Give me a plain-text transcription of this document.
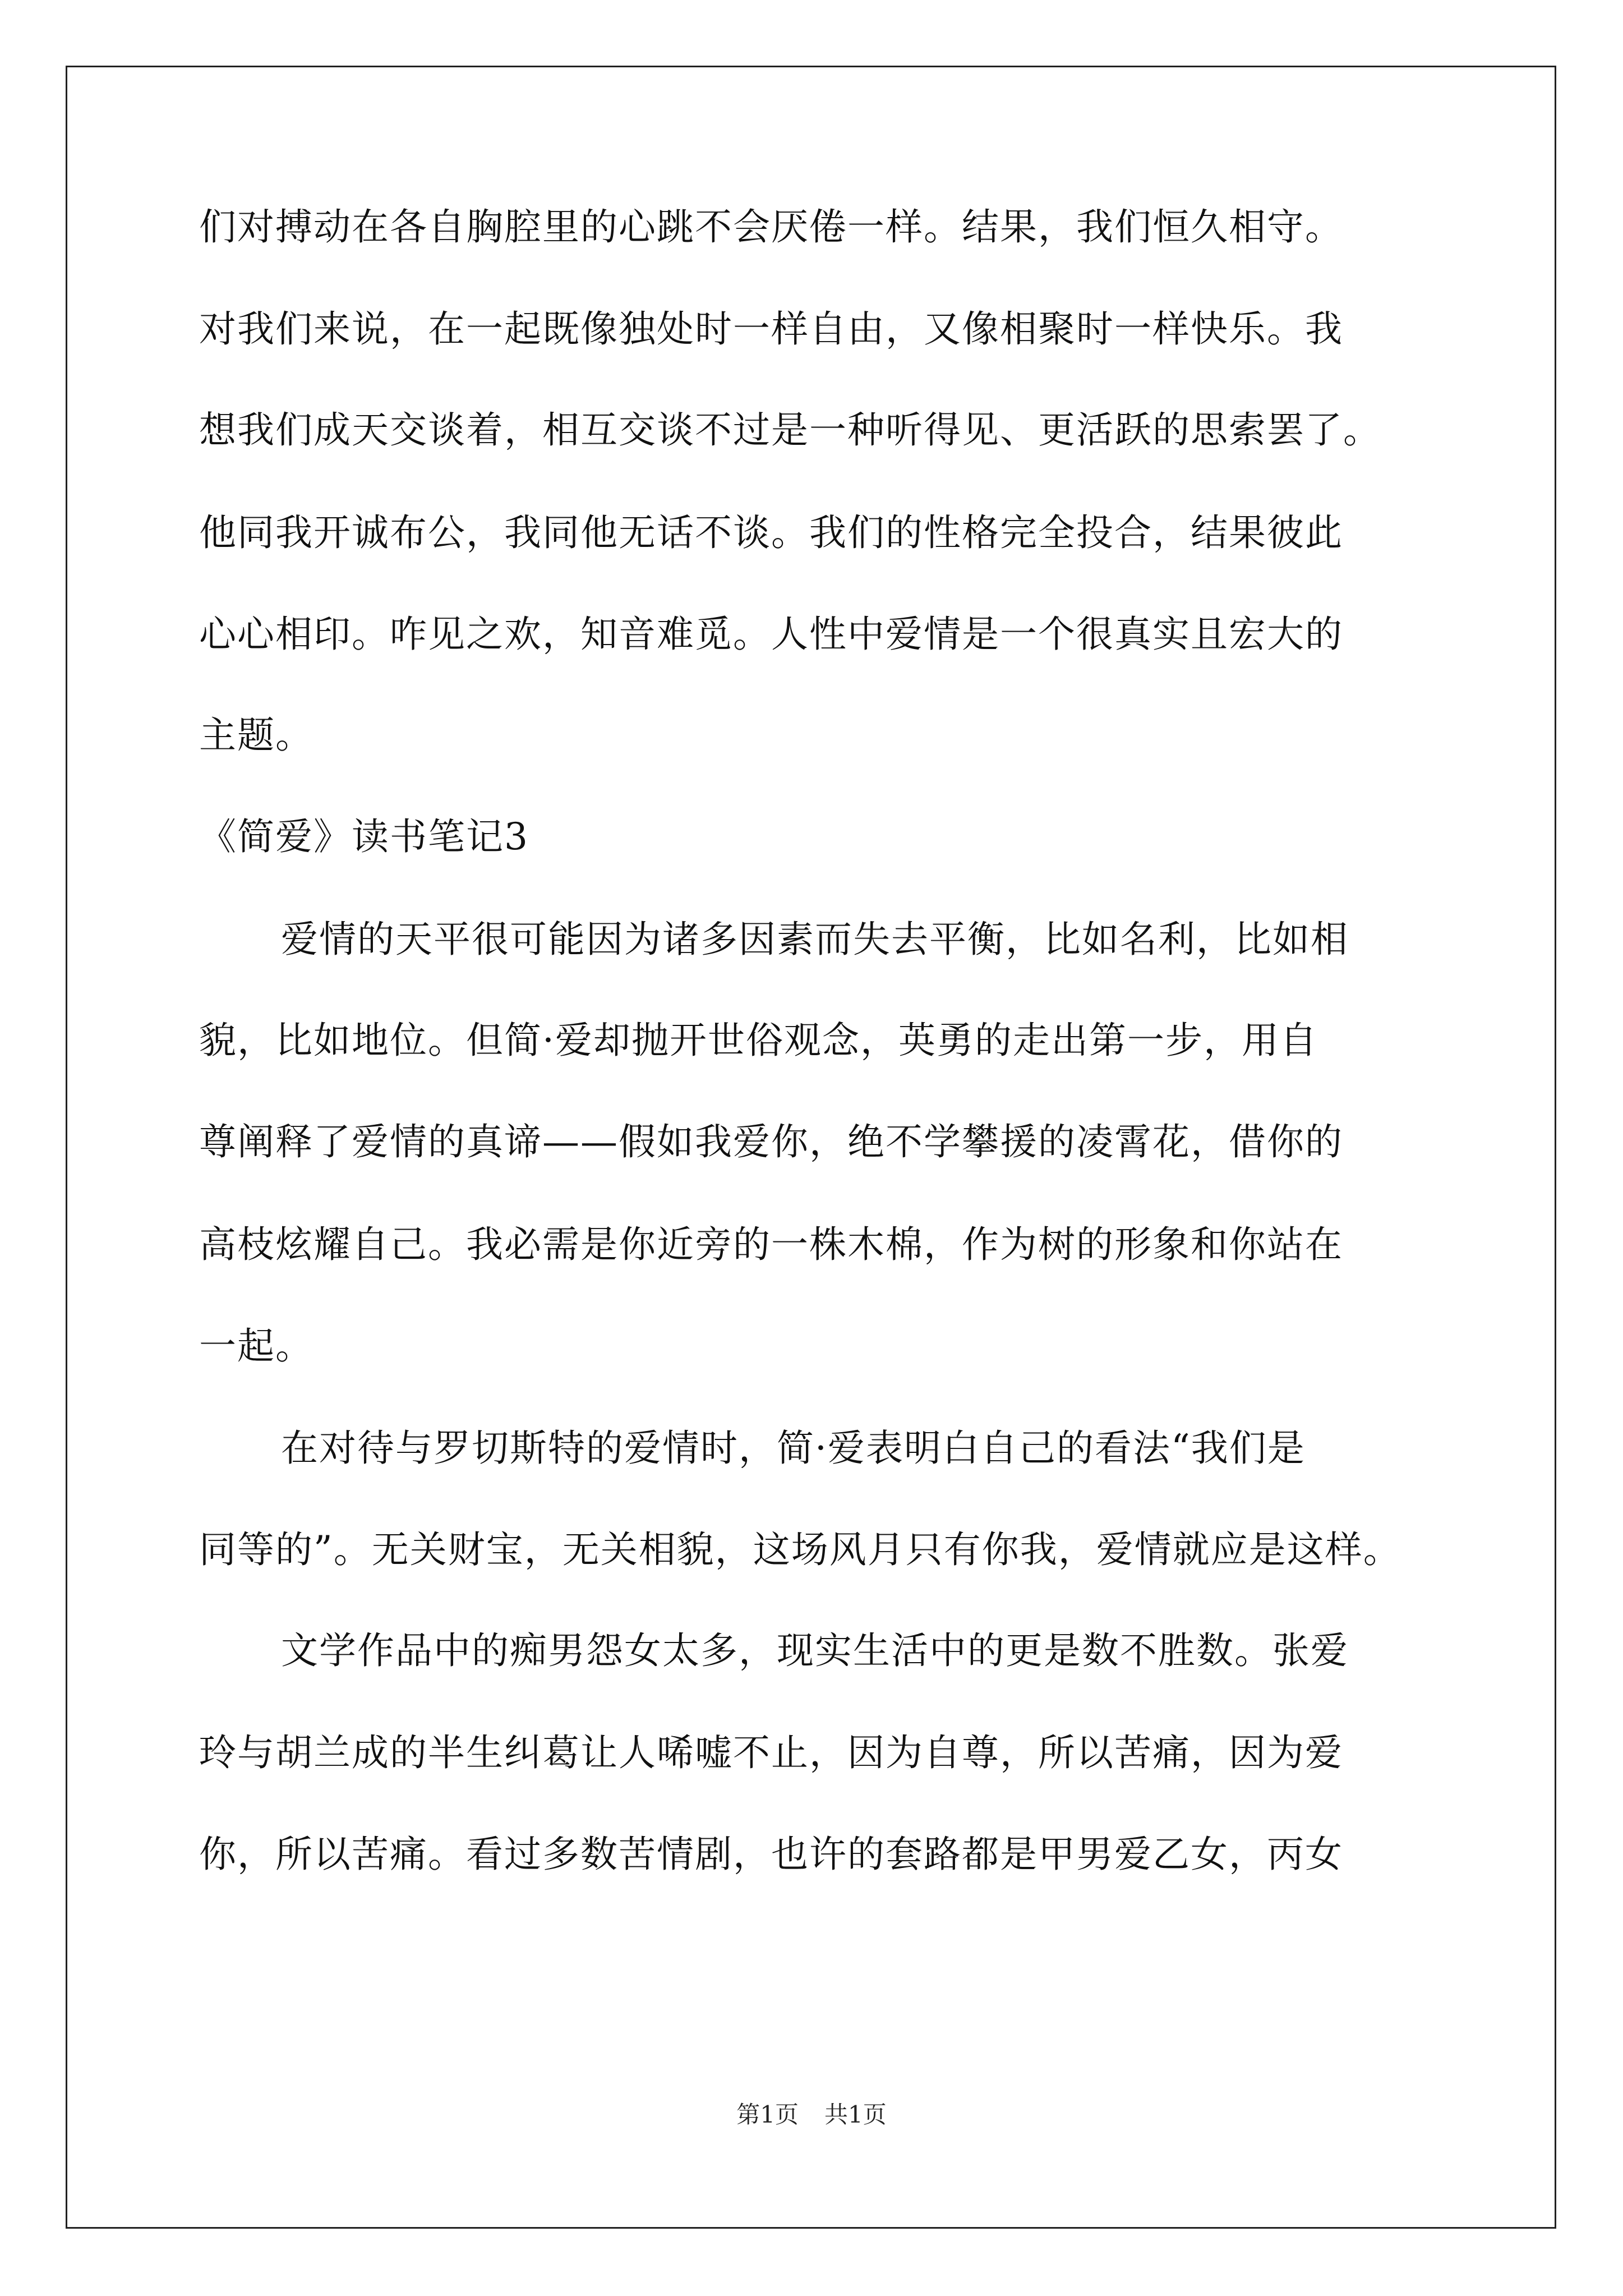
们对搏动在各自胸腔里的心跳不会厌倦一样。结果，我们恒久相守。
对我们来说，在一起既像独处时一样自由，又像相聚时一样快乐。我
想我们成天交谈着，相互交谈不过是一种听得见、更活跃的思索罢了。
他同我开诚布公，我同他无话不谈。我们的性格完全投合，结果彼此
心心相印。咋见之欢，知音难觅。人性中爱情是一个很真实且宏大的
主题。
《简爱》读书笔记3
爱情的天平很可能因为诸多因素而失去平衡，比如名利，比如相
貌，比如地位。但简·爱却抛开世俗观念，英勇的走出第一步，用自
尊阐释了爱情的真谛——假如我爱你，绝不学攀援的凌霄花，借你的
高枝炫耀自己。我必需是你近旁的一株木棉，作为树的形象和你站在
一起。
在对待与罗切斯特的爱情时，简·爱表明白自己的看法“我们是
同等的”。无关财宝，无关相貌，这场风月只有你我，爱情就应是这样。
文学作品中的痴男怨女太多，现实生活中的更是数不胜数。张爱
玲与胡兰成的半生纠葛让人唏嘘不止，因为自尊，所以苦痛，因为爱
你，所以苦痛。看过多数苦情剧，也许的套路都是甲男爱乙女，丙女
第1页 共1页
